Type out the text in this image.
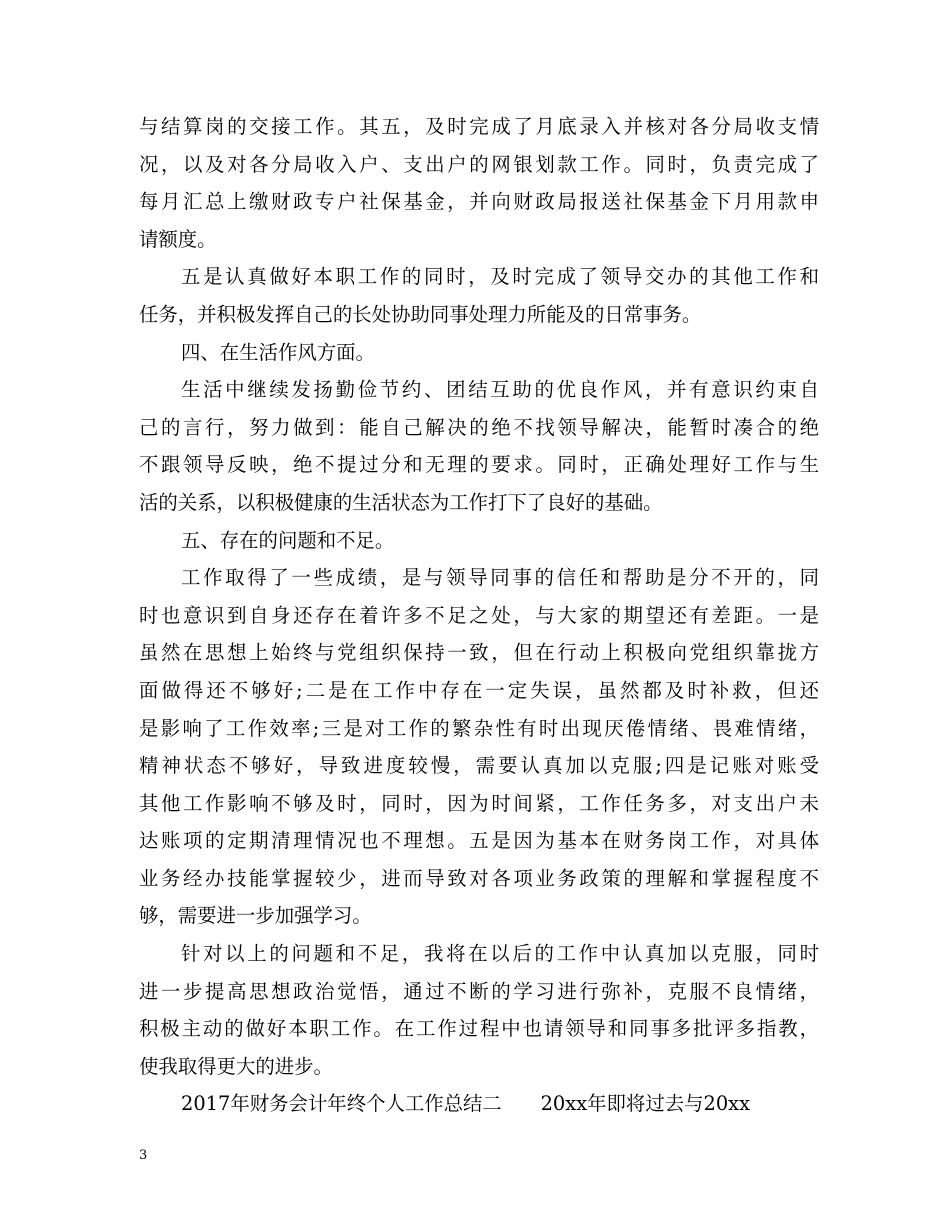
与结算岗的交接工作。其五，及时完成了月底录入并核对各分局收支情
况，以及对各分局收入户、支出户的网银划款工作。同时，负责完成了
每月汇总上缴财政专户社保基金，并向财政局报送社保基金下月用款申
请额度。
五是认真做好本职工作的同时，及时完成了领导交办的其他工作和
任务，并积极发挥自己的长处协助同事处理力所能及的日常事务。
四、在生活作风方面。
生活中继续发扬勤俭节约、团结互助的优良作风，并有意识约束自
己的言行，努力做到：能自己解决的绝不找领导解决，能暂时凑合的绝
不跟领导反映，绝不提过分和无理的要求。同时，正确处理好工作与生
活的关系，以积极健康的生活状态为工作打下了良好的基础。
五、存在的问题和不足。
工作取得了一些成绩，是与领导同事的信任和帮助是分不开的，同
时也意识到自身还存在着许多不足之处，与大家的期望还有差距。一是
虽然在思想上始终与党组织保持一致，但在行动上积极向党组织靠拢方
面做得还不够好;二是在工作中存在一定失误，虽然都及时补救，但还
是影响了工作效率;三是对工作的繁杂性有时出现厌倦情绪、畏难情绪，
精神状态不够好，导致进度较慢，需要认真加以克服;四是记账对账受
其他工作影响不够及时，同时，因为时间紧，工作任务多，对支出户未
达账项的定期清理情况也不理想。五是因为基本在财务岗工作，对具体
业务经办技能掌握较少，进而导致对各项业务政策的理解和掌握程度不
够，需要进一步加强学习。
针对以上的问题和不足，我将在以后的工作中认真加以克服，同时
进一步提高思想政治觉悟，通过不断的学习进行弥补，克服不良情绪，
积极主动的做好本职工作。在工作过程中也请领导和同事多批评多指教，
使我取得更大的进步。
2017年财务会计年终个人工作总结二　　20xx年即将过去与20xx
3
